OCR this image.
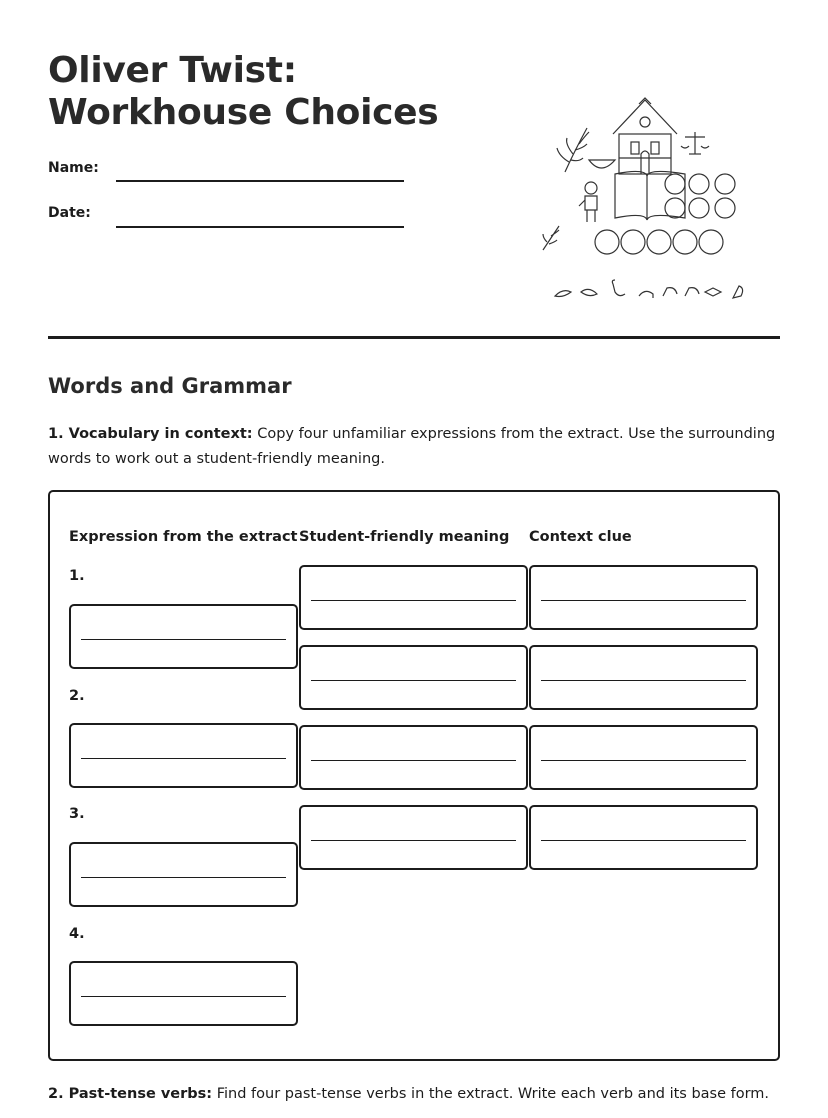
Oliver Twist: Workhouse Choices
Name:
Date:
Words and Grammar

1. Vocabulary in context: Copy four unfamiliar expressions from the extract. Use the surrounding words to work out a student-friendly meaning.

Expression from the extract Student-friendly meaning Context clue
1.
2.
3.
4.

2. Past-tense verbs: Find four past-tense verbs in the extract. Write each verb and its base form.
